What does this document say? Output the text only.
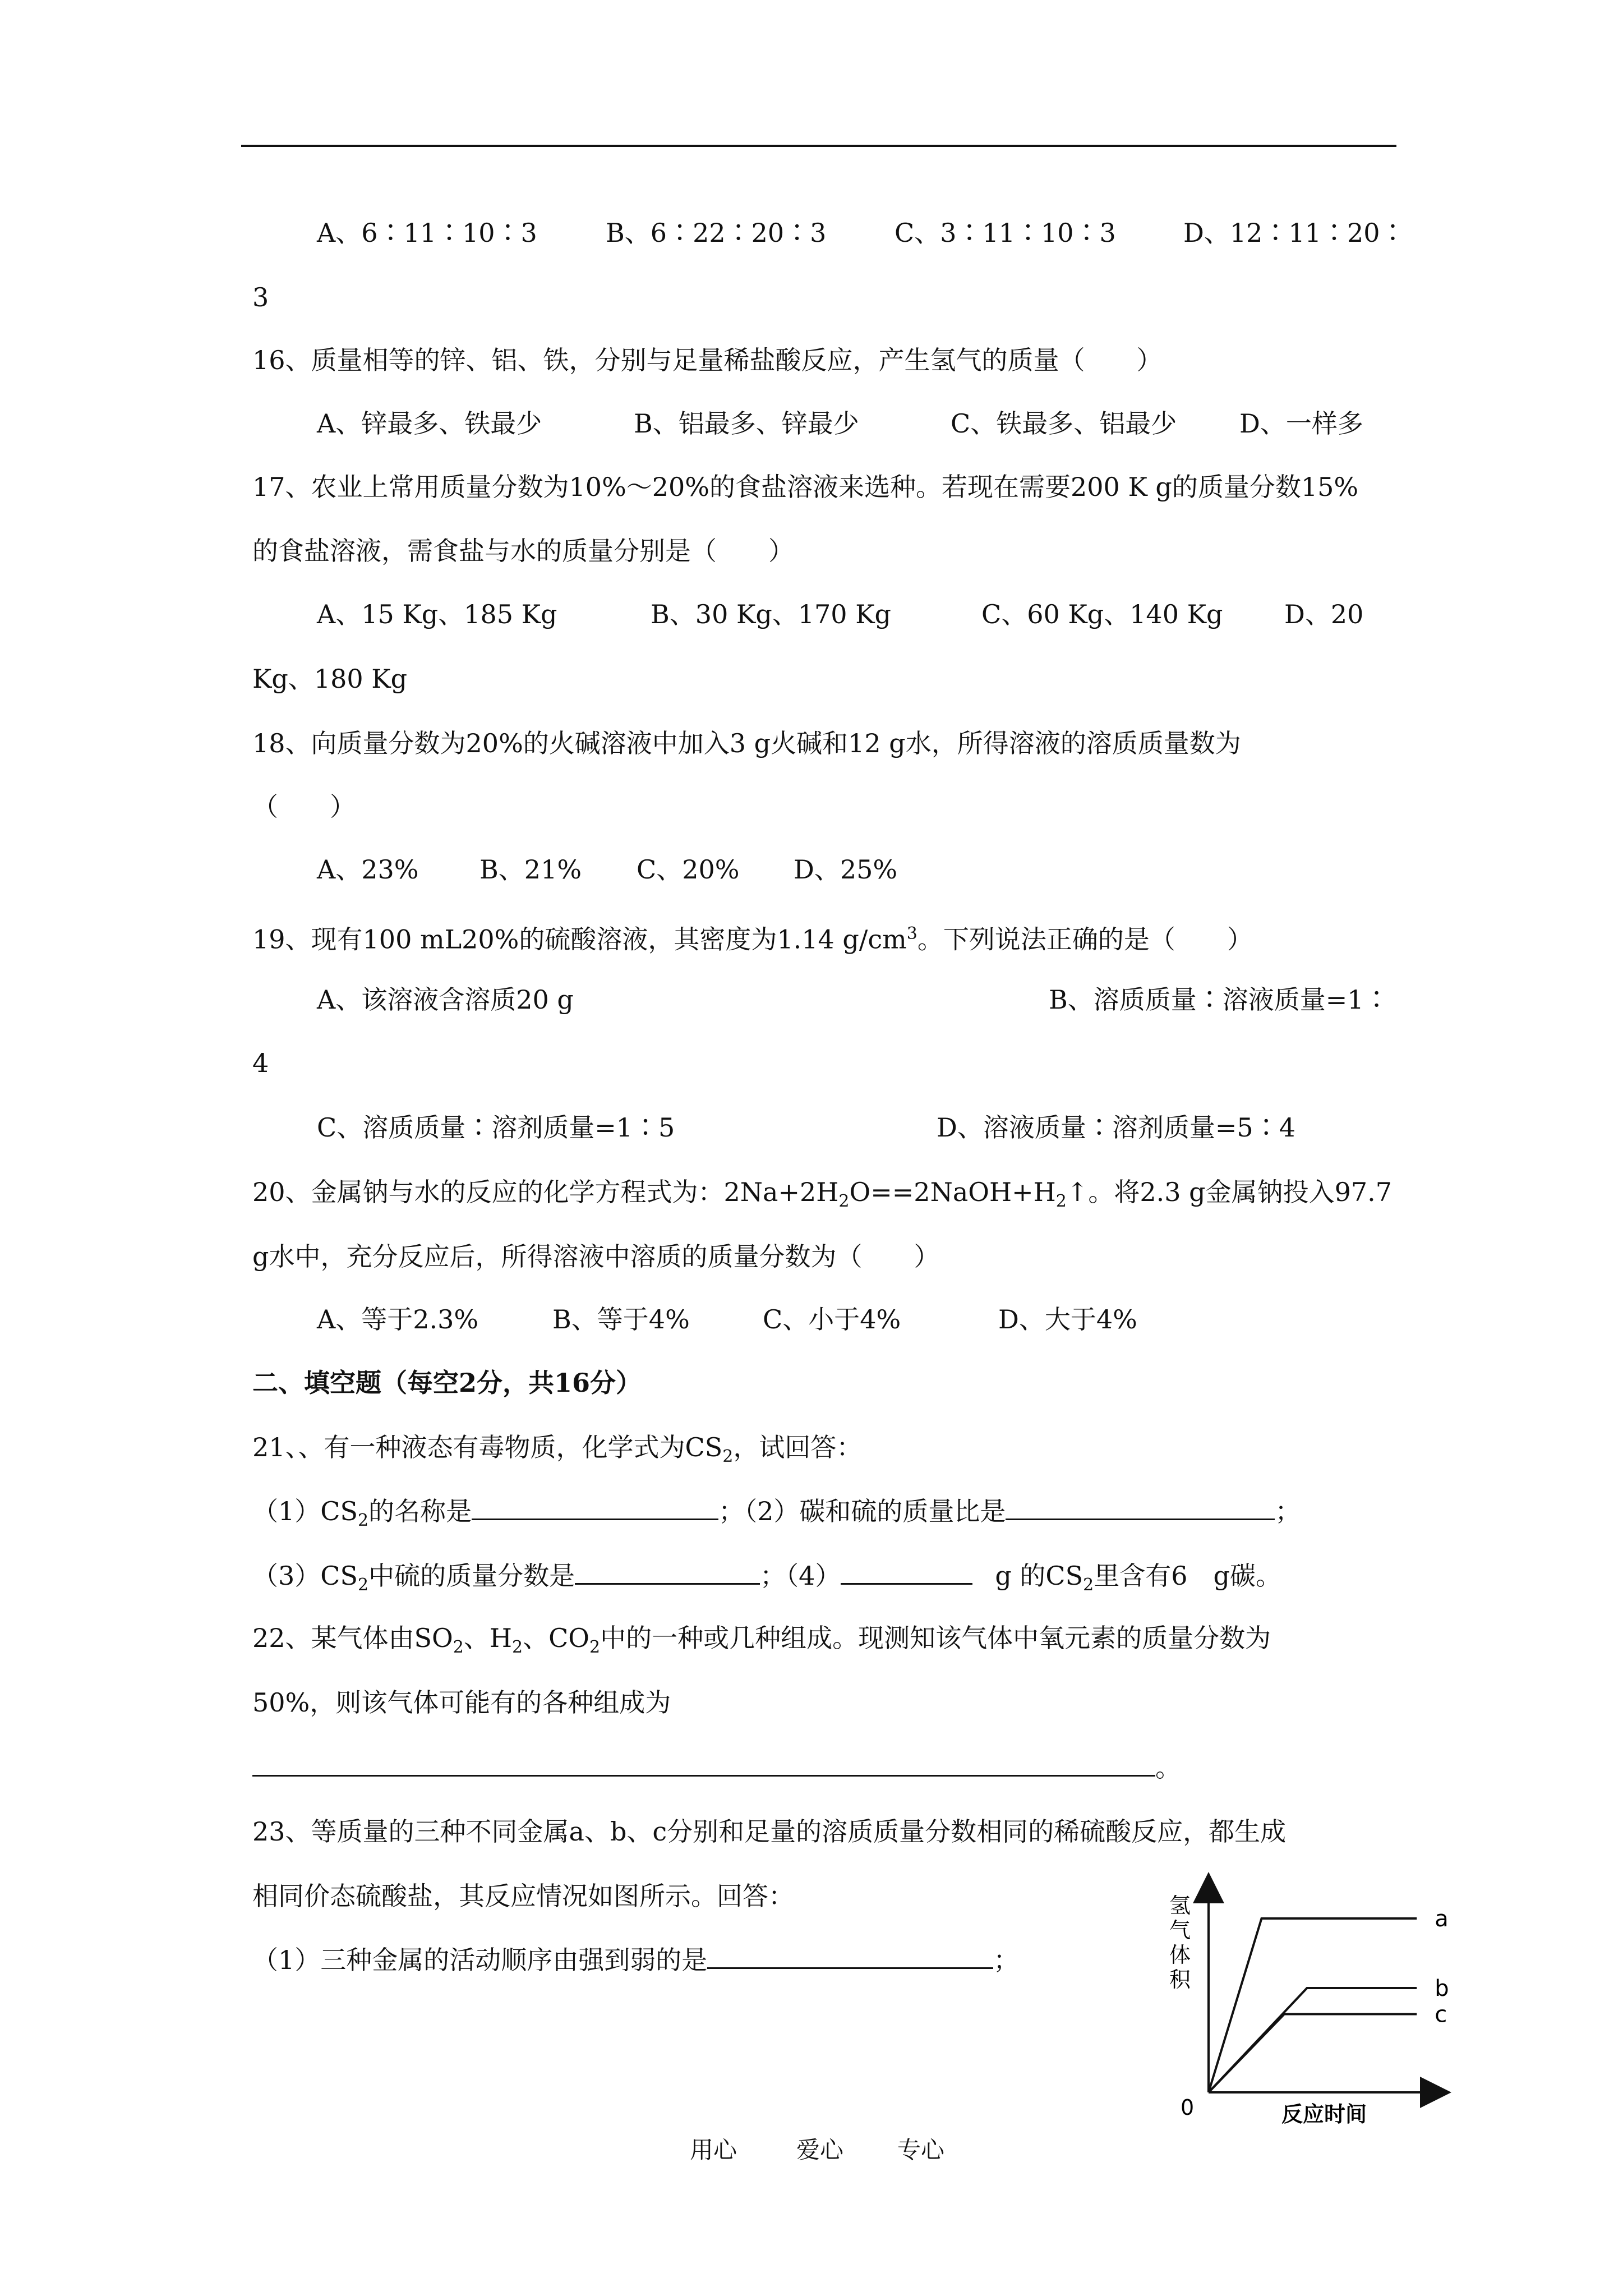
A、6∶11∶10∶3	B、6∶22∶20∶3	C、3∶11∶10∶3	D、12∶11∶20∶
3
16、质量相等的锌、铝、铁，分别与足量稀盐酸反应，产生氢气的质量（　　）
A、锌最多、铁最少	B、铝最多、锌最少	C、铁最多、铝最少 D、一样多
17、农业上常用质量分数为10%～20%的食盐溶液来选种。若现在需要200 K g的质量分数15%
的食盐溶液，需食盐与水的质量分别是（　　）
A、15 Kg、185 Kg	B、30 Kg、170 Kg	C、60 Kg、140 Kg D、20
Kg、180 Kg
18、向质量分数为20%的火碱溶液中加入3 g火碱和12 g水，所得溶液的溶质质量数为
（　　）
A、23% B、21% C、20% D、25%
19、现有100 mL20%的硫酸溶液，其密度为1.14 $g/cm^3$。下列说法正确的是（　　）
A、该溶液含溶质20 g	B、溶质质量∶溶液质量=1∶
4
C、溶质质量∶溶剂质量=1∶5	D、溶液质量∶溶剂质量=5∶4
20、金属钠与水的反应的化学方程式为：$2Na+2H_2O==2NaOH+H_2↑$。将2.3 g金属钠投入97.7
g水中，充分反应后，所得溶液中溶质的质量分数为（　　）
A、等于2.3%	B、等于4%	C、小于4%	D、大于4%
二、填空题（每空2分，共16分）
21、、有一种液态有毒物质，化学式为$CS_2$，试回答：
$(1)CS_2$的名称是	；（2）碳和硫的质量比是	；
$(3)CS_2$中硫的质量分数是	；（4）	g 的$CS_2$里含有6　g碳。
22、某气体由$SO_2$、$H_2$、$CO_2$中的一种或几种组成。现测知该气体中氧元素的质量分数为
50%，则该气体可能有的各种组成为
。
23、等质量的三种不同金属a、b、c分别和足量的溶质质量分数相同的稀硫酸反应，都生成
相同价态硫酸盐，其反应情况如图所示。回答：
（1）三种金属的活动顺序由强到弱的是	；
a
b
c
氢气体积
反应时间
0
用心	爱心 专心
